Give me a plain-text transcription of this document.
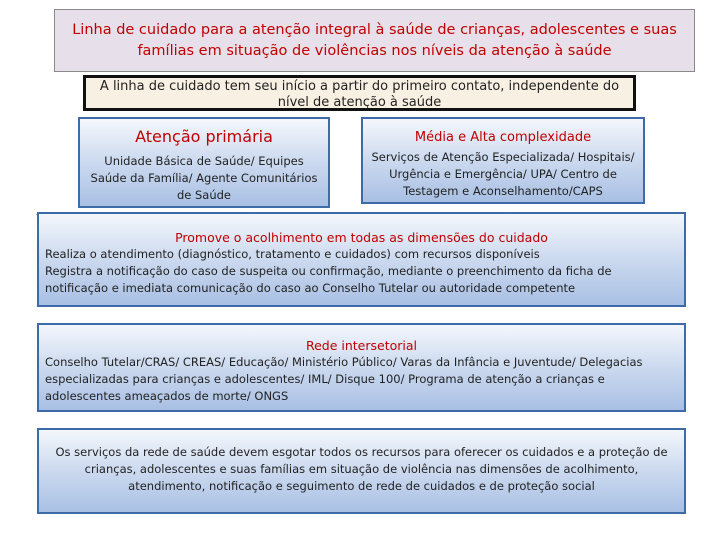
Linha de cuidado para a atenção integral à saúde de crianças, adolescentes e suas famílias em situação de violências nos níveis da atenção à saúde
A linha de cuidado tem seu início a partir do primeiro contato, independente do nível de atenção à saúde
Atenção primária
Unidade Básica de Saúde/ Equipes Saúde da Família/ Agente Comunitários de Saúde
Média e Alta complexidade
Serviços de Atenção Especializada/ Hospitais/ Urgência e Emergência/ UPA/ Centro de Testagem e Aconselhamento/CAPS
Promove o acolhimento em todas as dimensões do cuidado
Realiza o atendimento (diagnóstico, tratamento e cuidados) com recursos disponíveis
Registra a notificação do caso de suspeita ou confirmação, mediante o preenchimento da ficha de notificação e imediata comunicação do caso ao Conselho Tutelar ou autoridade competente
Rede intersetorial
Conselho Tutelar/CRAS/ CREAS/ Educação/ Ministério Público/ Varas da Infância e Juventude/ Delegacias especializadas para crianças e adolescentes/ IML/ Disque 100/ Programa de atenção a crianças e adolescentes ameaçados de morte/ ONGS
Os serviços da rede de saúde devem esgotar todos os recursos para oferecer os cuidados e a proteção de crianças, adolescentes e suas famílias em situação de violência nas dimensões de acolhimento, atendimento, notificação e seguimento de rede de cuidados e de proteção social
